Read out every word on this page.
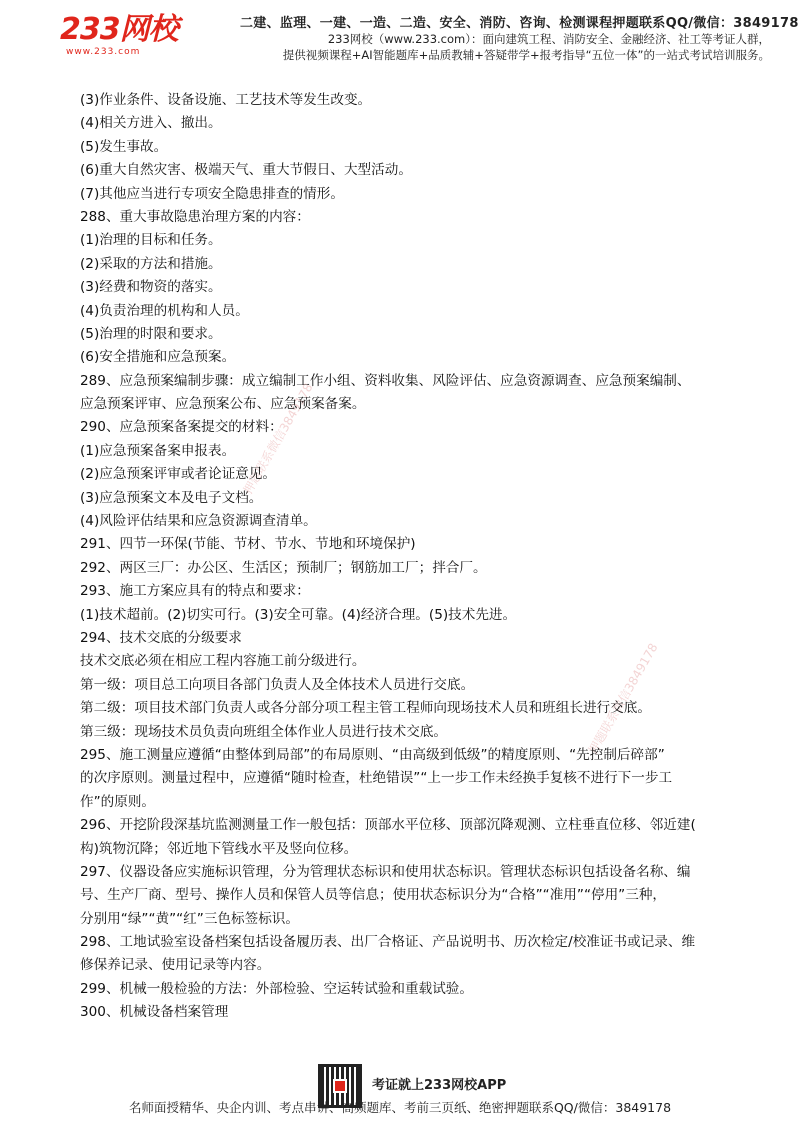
233网校
www.233.com
二建、监理、一建、一造、二造、安全、消防、咨询、检测课程押题联系QQ/微信：3849178
233网校（www.233.com）：面向建筑工程、消防安全、金融经济、社工等考证人群，
提供视频课程+AI智能题库+品质教辅+答疑带学+报考指导“五位一体”的一站式考试培训服务。
押题联系微信3849178
押题联系微信3849178
(3)作业条件、设备设施、工艺技术等发生改变。
(4)相关方进入、撤出。
(5)发生事故。
(6)重大自然灾害、极端天气、重大节假日、大型活动。
(7)其他应当进行专项安全隐患排查的情形。
288、重大事故隐患治理方案的内容：
(1)治理的目标和任务。
(2)采取的方法和措施。
(3)经费和物资的落实。
(4)负责治理的机构和人员。
(5)治理的时限和要求。
(6)安全措施和应急预案。
289、应急预案编制步骤：成立编制工作小组、资料收集、风险评估、应急资源调查、应急预案编制、
应急预案评审、应急预案公布、应急预案备案。
290、应急预案备案提交的材料：
(1)应急预案备案申报表。
(2)应急预案评审或者论证意见。
(3)应急预案文本及电子文档。
(4)风险评估结果和应急资源调查清单。
291、四节一环保(节能、节材、节水、节地和环境保护)
292、两区三厂：办公区、生活区；预制厂；钢筋加工厂；拌合厂。
293、施工方案应具有的特点和要求：
(1)技术超前。(2)切实可行。(3)安全可靠。(4)经济合理。(5)技术先进。
294、技术交底的分级要求
技术交底必须在相应工程内容施工前分级进行。
第一级：项目总工向项目各部门负责人及全体技术人员进行交底。
第二级：项目技术部门负责人或各分部分项工程主管工程师向现场技术人员和班组长进行交底。
第三级：现场技术员负责向班组全体作业人员进行技术交底。
295、施工测量应遵循“由整体到局部”的布局原则、“由高级到低级”的精度原则、“先控制后碎部”
的次序原则。测量过程中，应遵循“随时检查，杜绝错误”“上一步工作未经换手复核不进行下一步工
作”的原则。
296、开挖阶段深基坑监测测量工作一般包括：顶部水平位移、顶部沉降观测、立柱垂直位移、邻近建(
构)筑物沉降；邻近地下管线水平及竖向位移。
297、仪器设备应实施标识管理，分为管理状态标识和使用状态标识。管理状态标识包括设备名称、编
号、生产厂商、型号、操作人员和保管人员等信息；使用状态标识分为“合格”“准用”“停用”三种，
分别用“绿”“黄”“红”三色标签标识。
298、工地试验室设备档案包括设备履历表、出厂合格证、产品说明书、历次检定/校准证书或记录、维
修保养记录、使用记录等内容。
299、机械一般检验的方法：外部检验、空运转试验和重载试验。
300、机械设备档案管理
考证就上233网校APP
名师面授精华、央企内训、考点串讲、高频题库、考前三页纸、绝密押题联系QQ/微信：3849178
